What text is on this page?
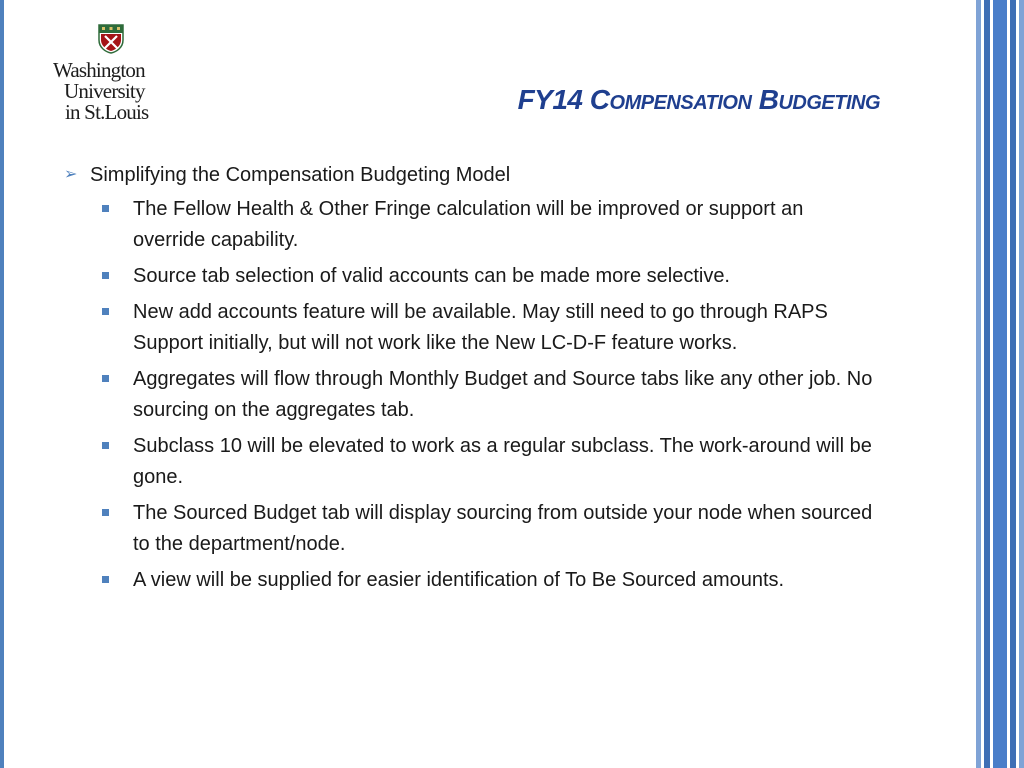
Washington
University
in St.Louis	FY14 COMPENSATION BUDGETING
➢ Simplifying the Compensation Budgeting Model
The Fellow Health & Other Fringe calculation will be improved or support an override capability.
Source tab selection of valid accounts can be made more selective.
New add accounts feature will be available. May still need to go through RAPS Support initially, but will not work like the New LC-D-F feature works.
Aggregates will flow through Monthly Budget and Source tabs like any other job. No sourcing on the aggregates tab.
Subclass 10 will be elevated to work as a regular subclass. The work-around will be gone.
The Sourced Budget tab will display sourcing from outside your node when sourced to the department/node.
A view will be supplied for easier identification of To Be Sourced amounts.
